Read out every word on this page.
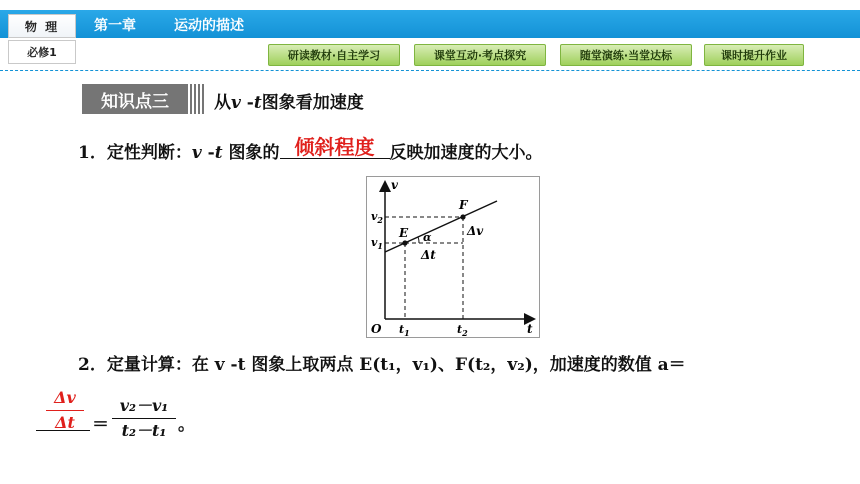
物 理
必修1
第一章	运动的描述
研读教材·自主学习	课堂互动·考点探究	随堂演练·当堂达标	课时提升作业
知识点三	从v -t图象看加速度
1．定性判断：v -t 图象的 倾斜程度 反映加速度的大小。
v
t
O
$v_2$
$v_1$
$t_1$	$t_2$
E
F
α	Δv
Δt
2．定量计算：在 v -t 图象上取两点 E(t₁，v₁)、F(t₂，v₂)，加速度的数值 a＝
Δv
Δt	＝
v₂－v₁
t₂－t₁ 。
